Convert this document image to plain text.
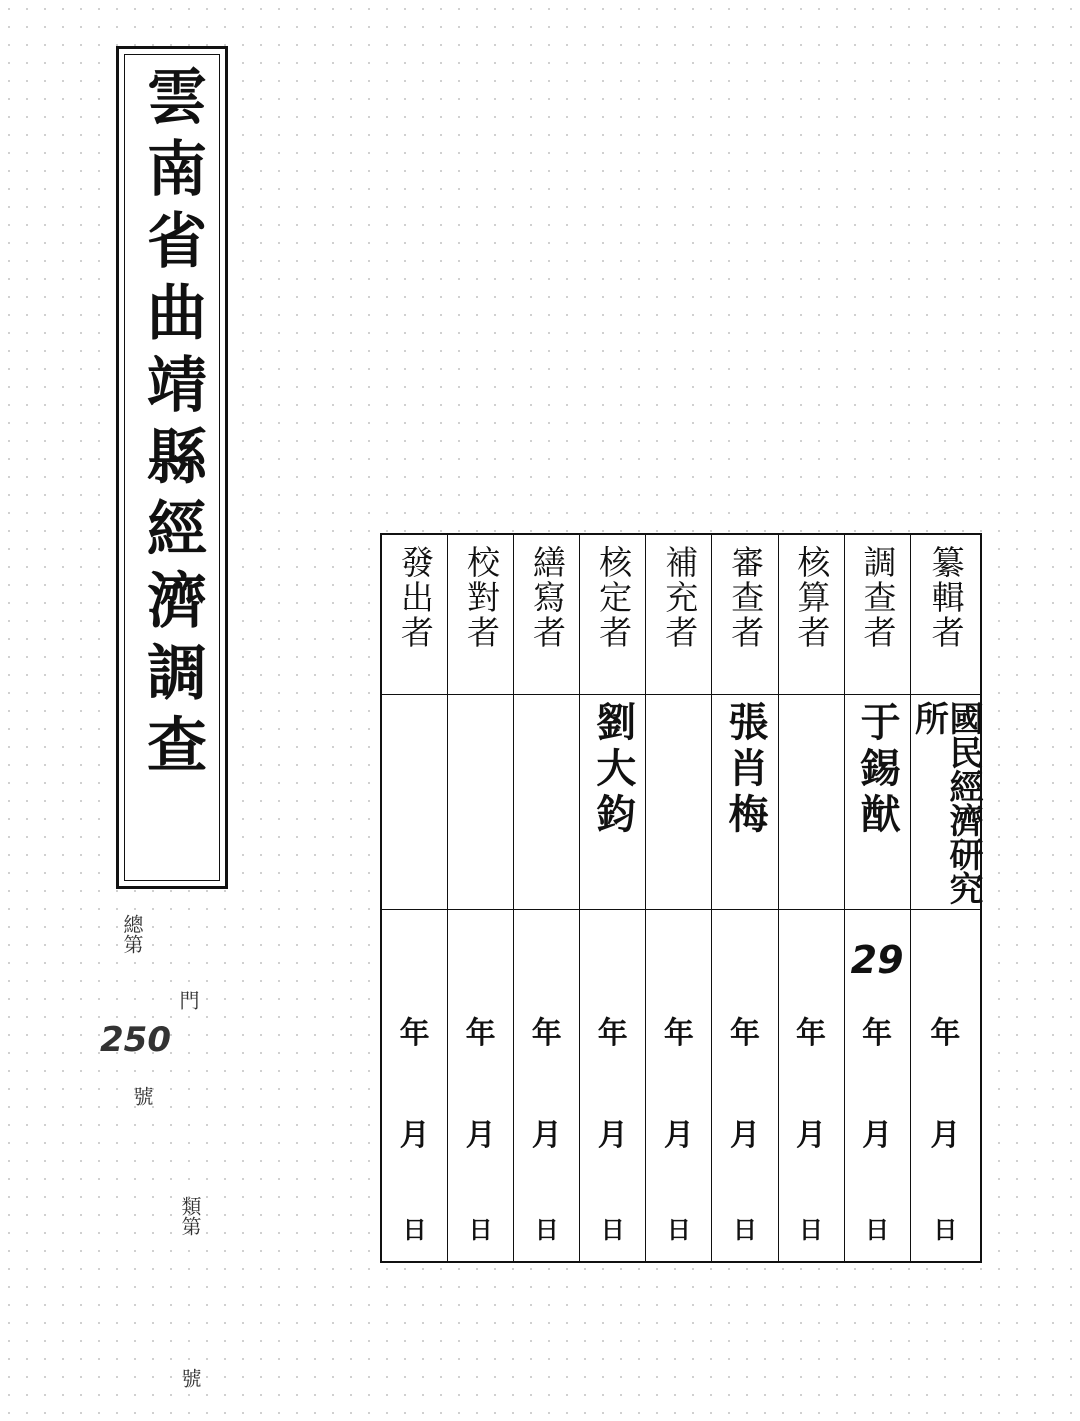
雲南省曲靖縣經濟調查
總第
門
250
號
類第
號
纂輯者
國民經濟研究所
年
月
日
調查者
于錫猷
29
年
月
日
核算者
年
月
日
審查者
張肖梅
年
月
日
補充者
年
月
日
核定者
劉大鈞
年
月
日
繕寫者
年
月
日
校對者
年
月
日
發出者
年
月
日
